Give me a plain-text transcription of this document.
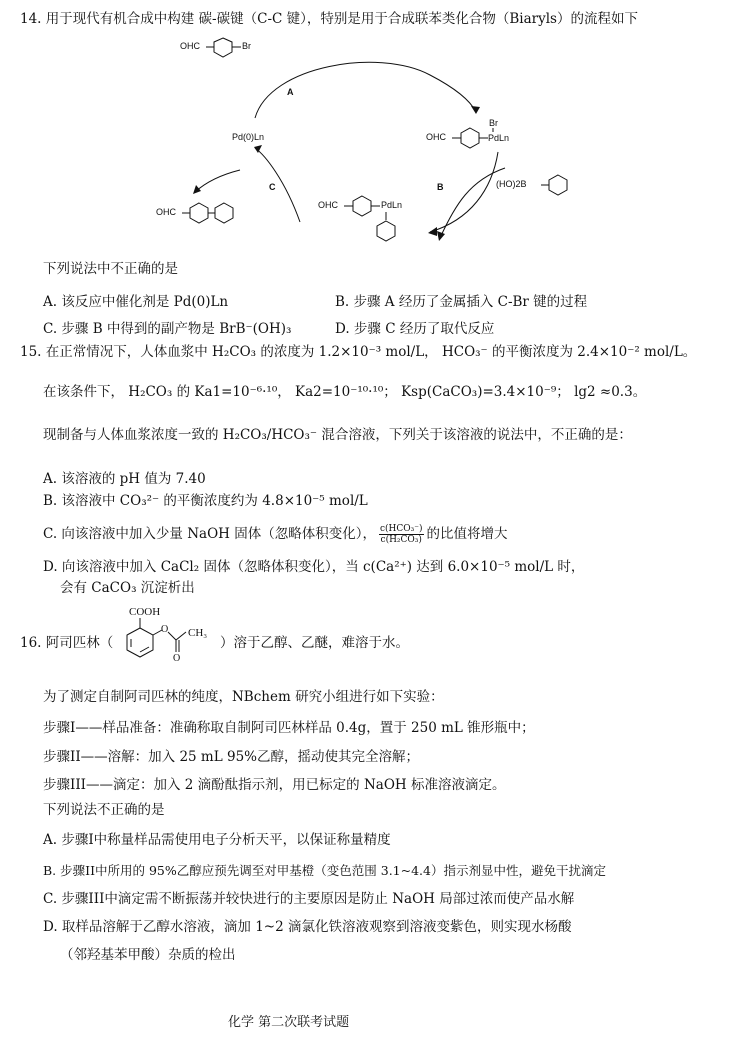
14. 用于现代有机合成中构建 碳-碳键（C-C 键），特别是用于合成联苯类化合物（Biaryls）的流程如下
OHC	Br
Pd(0)Ln	OHC
Br
PdLn
(HO)2B
OHC	PdLn
OHC
A
B
C
下列说法中不正确的是
A. 该反应中催化剂是 Pd(0)Ln	B. 步骤 A 经历了金属插入 C-Br 键的过程
C. 步骤 B 中得到的副产物是 BrB⁻(OH)₃	D. 步骤 C 经历了取代反应
15. 在正常情况下，人体血浆中 H₂CO₃ 的浓度为 1.2×10⁻³ mol/L， HCO₃⁻ 的平衡浓度为 2.4×10⁻² mol/L。
在该条件下， H₂CO₃ 的 Ka1=10⁻⁶·¹⁰， Ka2=10⁻¹⁰·¹⁰； Ksp(CaCO₃)=3.4×10⁻⁹； lg2 ≈0.3。
现制备与人体血浆浓度一致的 H₂CO₃/HCO₃⁻ 混合溶液，下列关于该溶液的说法中，不正确的是：
A. 该溶液的 pH 值为 7.40
B. 该溶液中 CO₃²⁻ 的平衡浓度约为 4.8×10⁻⁵ mol/L
C. 向该溶液中加入少量 NaOH 固体（忽略体积变化）， $\frac{\text{c(HCO₃⁻)}}{\text{c(H₂CO₃)}}$ 的比值将增大
D. 向该溶液中加入 CaCl₂ 固体（忽略体积变化），当 c(Ca²⁺) 达到 6.0×10⁻⁵ mol/L 时，
会有 CaCO₃ 沉淀析出
16. 阿司匹林（
COOH
O CH₃
O
）溶于乙醇、乙醚，难溶于水。
为了测定自制阿司匹林的纯度，NBchem 研究小组进行如下实验：
步骤I——样品准备：准确称取自制阿司匹林样品 0.4g，置于 250 mL 锥形瓶中；
步骤II——溶解：加入 25 mL 95%乙醇，摇动使其完全溶解；
步骤III——滴定：加入 2 滴酚酞指示剂，用已标定的 NaOH 标准溶液滴定。
下列说法不正确的是
A. 步骤I中称量样品需使用电子分析天平，以保证称量精度
B. 步骤II中所用的 95%乙醇应预先调至对甲基橙（变色范围 3.1~4.4）指示剂显中性，避免干扰滴定
C. 步骤III中滴定需不断振荡并较快进行的主要原因是防止 NaOH 局部过浓而使产品水解
D. 取样品溶解于乙醇水溶液，滴加 1~2 滴氯化铁溶液观察到溶液变紫色，则实现水杨酸
（邻羟基苯甲酸）杂质的检出
化学 第二次联考试题
